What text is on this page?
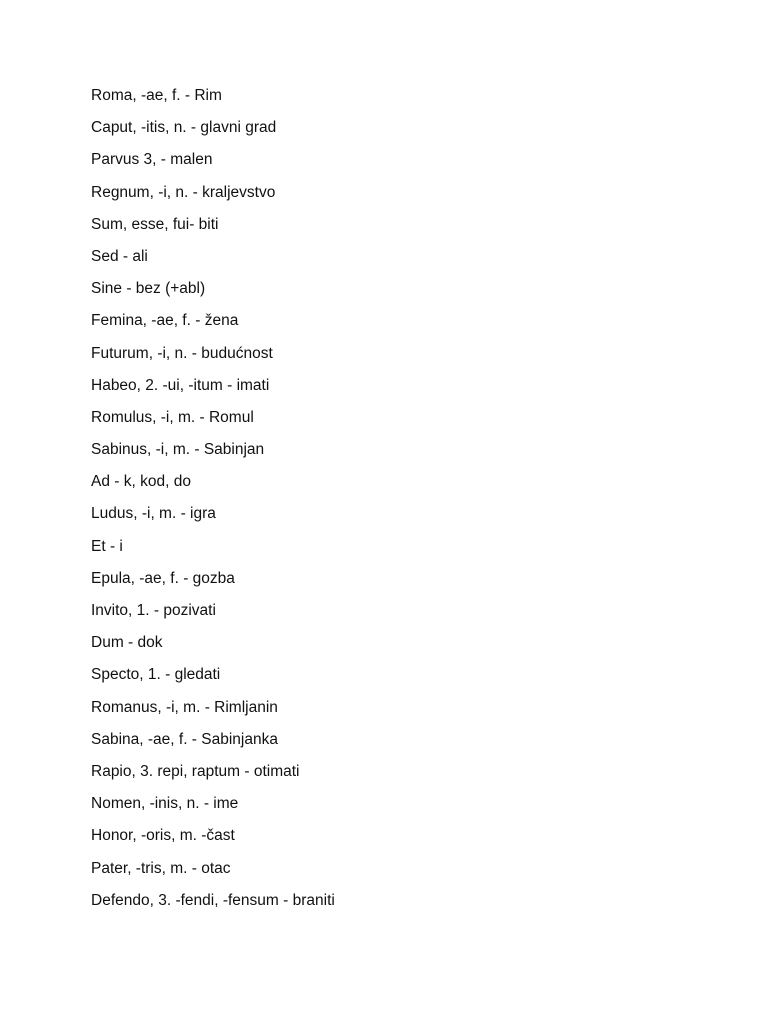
Roma, -ae, f. - Rim
Caput, -itis, n. - glavni grad
Parvus 3, - malen
Regnum, -i, n. - kraljevstvo
Sum, esse, fui- biti
Sed - ali
Sine - bez (+abl)
Femina, -ae, f. - žena
Futurum, -i, n. - budućnost
Habeo, 2. -ui, -itum - imati
Romulus, -i, m. - Romul
Sabinus, -i, m. - Sabinjan
Ad - k, kod, do
Ludus, -i, m. - igra
Et - i
Epula, -ae, f. - gozba
Invito, 1. - pozivati
Dum - dok
Specto, 1. - gledati
Romanus, -i, m. - Rimljanin
Sabina, -ae, f. - Sabinjanka
Rapio, 3. repi, raptum - otimati
Nomen, -inis, n. - ime
Honor, -oris, m. -čast
Pater, -tris, m. - otac
Defendo, 3. -fendi, -fensum - braniti
